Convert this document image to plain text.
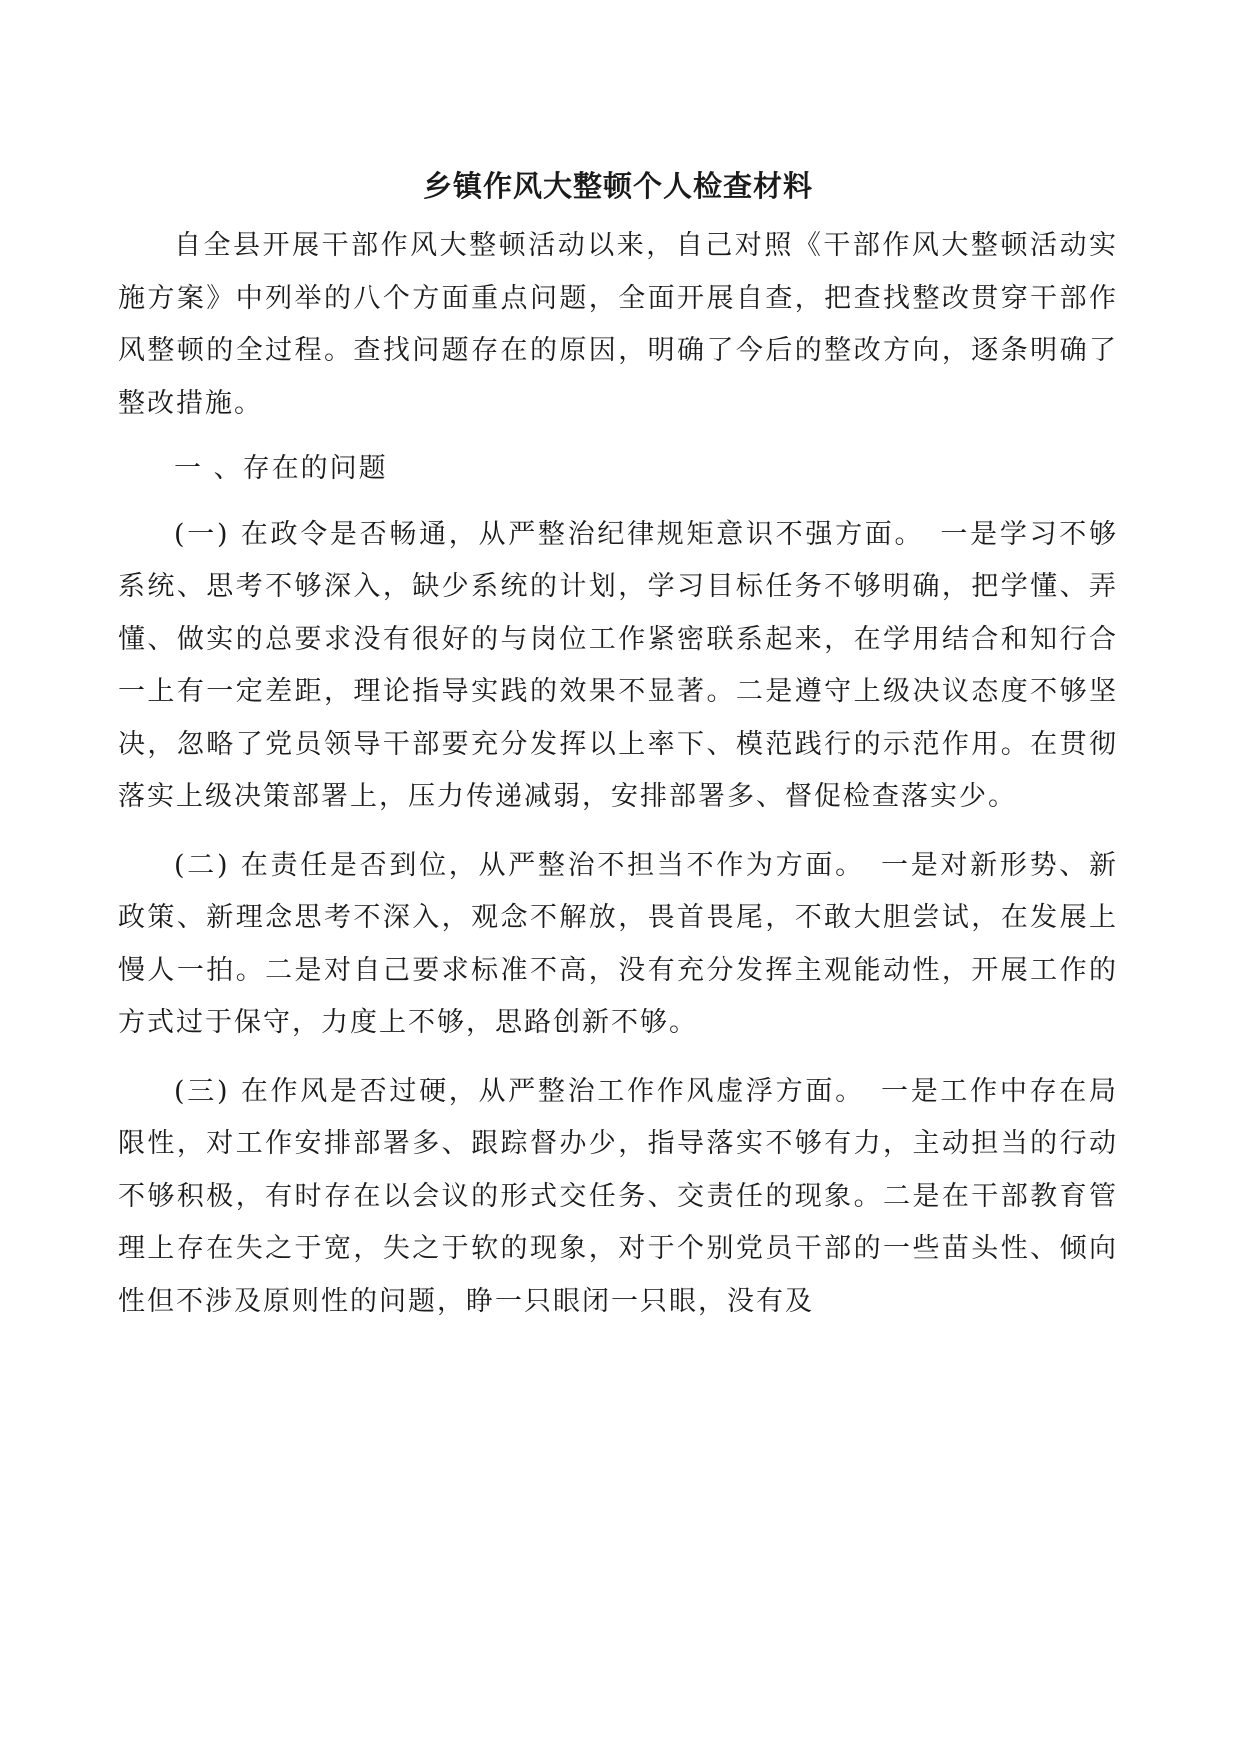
乡镇作风大整顿个人检查材料

自全县开展干部作风大整顿活动以来，自己对照《干部作风大整顿活动实施方案》中列举的八个方面重点问题，全面开展自查，把查找整改贯穿干部作风整顿的全过程。查找问题存在的原因，明确了今后的整改方向，逐条明确了整改措施。

一 、存在的问题

(一) 在政令是否畅通，从严整治纪律规矩意识不强方面。　一是学习不够系统、思考不够深入，缺少系统的计划，学习目标任务不够明确，把学懂、弄懂、做实的总要求没有很好的与岗位工作紧密联系起来，在学用结合和知行合一上有一定差距，理论指导实践的效果不显著。二是遵守上级决议态度不够坚决，忽略了党员领导干部要充分发挥以上率下、模范践行的示范作用。在贯彻落实上级决策部署上，压力传递减弱，安排部署多、督促检查落实少。

(二) 在责任是否到位，从严整治不担当不作为方面。　一是对新形势、新政策、新理念思考不深入，观念不解放，畏首畏尾，不敢大胆尝试，在发展上慢人一拍。二是对自己要求标准不高，没有充分发挥主观能动性，开展工作的方式过于保守，力度上不够，思路创新不够。

(三) 在作风是否过硬，从严整治工作作风虚浮方面。　一是工作中存在局限性，对工作安排部署多、跟踪督办少，指导落实不够有力，主动担当的行动不够积极，有时存在以会议的形式交任务、交责任的现象。二是在干部教育管理上存在失之于宽，失之于软的现象，对于个别党员干部的一些苗头性、倾向性但不涉及原则性的问题，睁一只眼闭一只眼，没有及
